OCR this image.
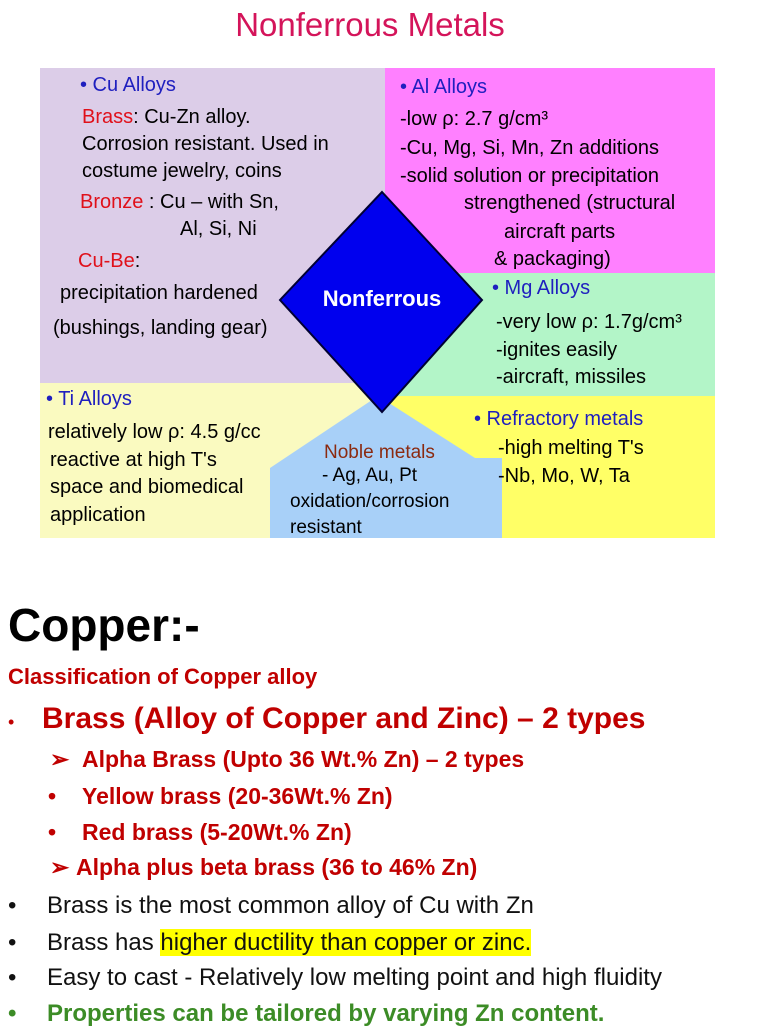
Nonferrous Metals
• Cu Alloys
Brass: Cu-Zn alloy.
Corrosion resistant. Used in
costume jewelry, coins
Bronze : Cu – with Sn,
Al, Si, Ni
Cu-Be:
precipitation hardened
(bushings, landing gear)
• Al Alloys
-low ρ: 2.7 g/cm³
-Cu, Mg, Si, Mn, Zn additions
-solid solution or precipitation
strengthened (structural
aircraft parts
& packaging)
• Mg Alloys
-very low ρ: 1.7g/cm³
-ignites easily
-aircraft, missiles
• Ti Alloys
relatively low ρ: 4.5 g/cc
reactive at high T's
space and biomedical
application
Noble metals
- Ag, Au, Pt
oxidation/corrosion
resistant
• Refractory metals
-high melting T's
-Nb, Mo, W, Ta
Nonferrous
Copper:-
Classification of Copper alloy
• Brass (Alloy of Copper and Zinc) – 2 types
➢ Alpha Brass (Upto 36 Wt.% Zn) – 2 types
• Yellow brass (20-36Wt.% Zn)
• Red brass (5-20Wt.% Zn)
➢ Alpha plus beta brass (36 to 46% Zn)
• Brass is the most common alloy of Cu with Zn
• Brass has higher ductility than copper or zinc.
• Easy to cast - Relatively low melting point and high fluidity
• Properties can be tailored by varying Zn content.
